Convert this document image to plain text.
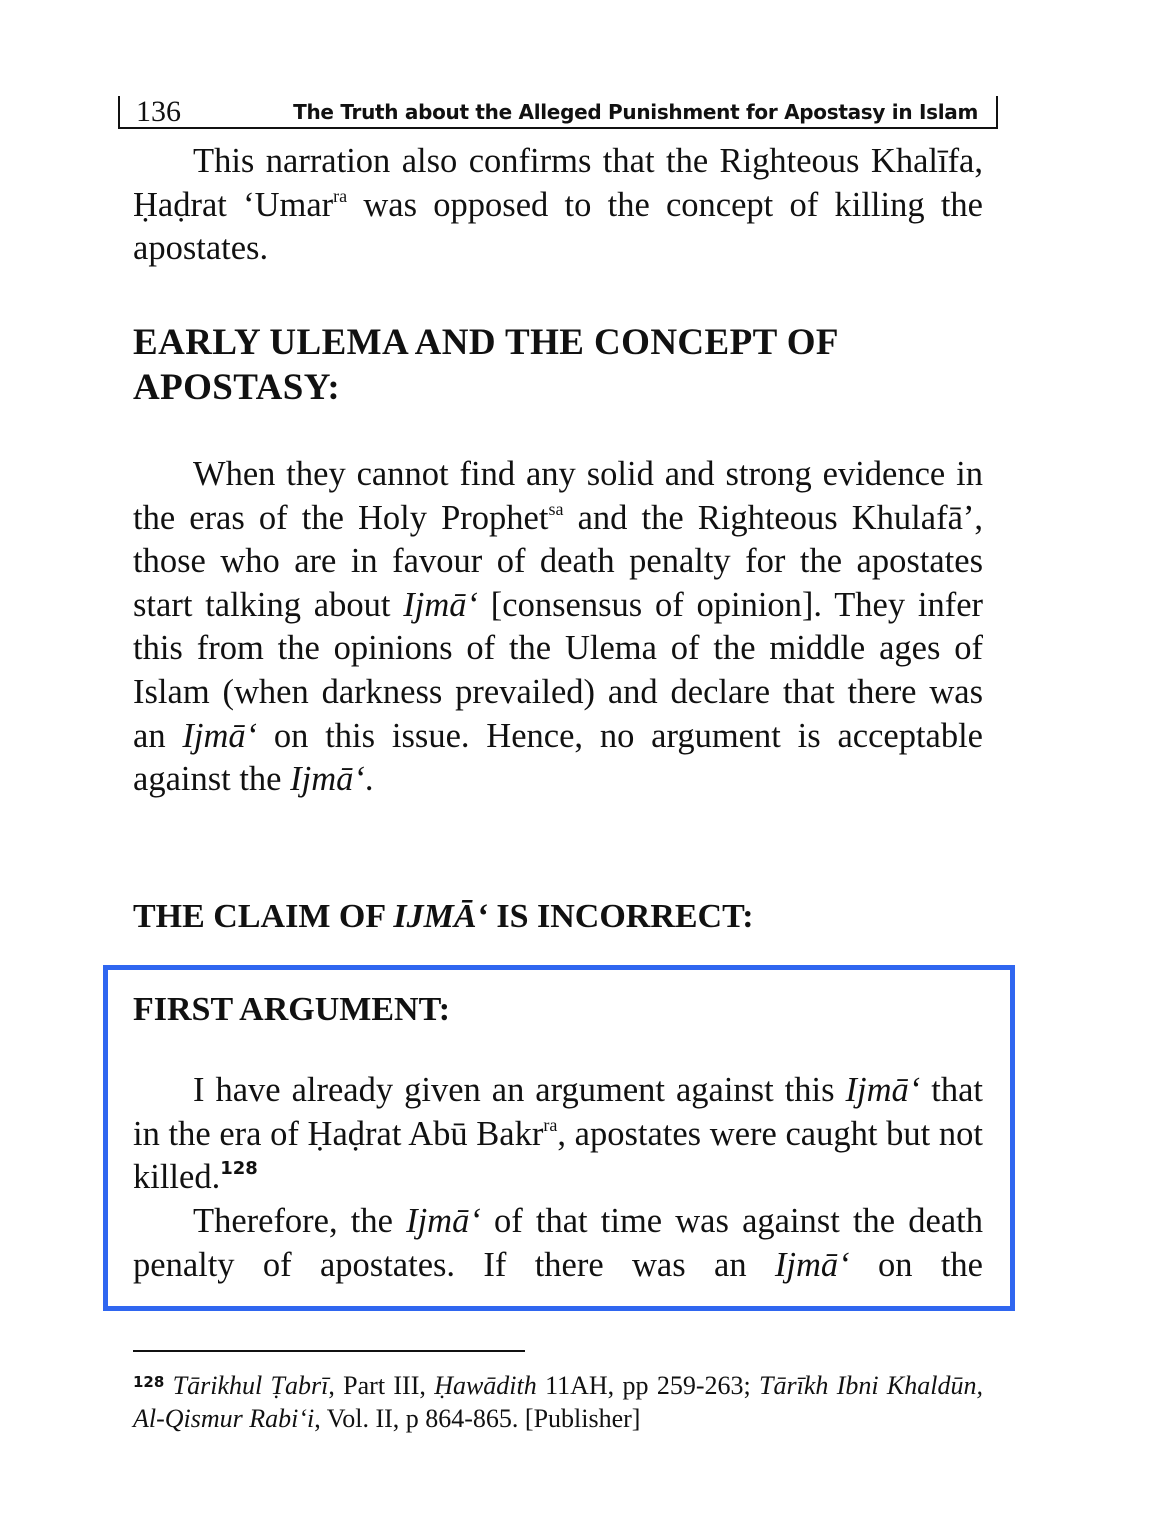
136	The Truth about the Alleged Punishment for Apostasy in Islam

This narration also confirms that the Righteous Khalīfa, Ḥaḍrat ‘Umar$^{ra}$ was opposed to the concept of killing the apostates.

EARLY ULEMA AND THE CONCEPT OF
APOSTASY:

When they cannot find any solid and strong evidence in the eras of the Holy Prophet$^{sa}$ and the Righteous Khulafā’, those who are in favour of death penalty for the apostates start talking about Ijmā‘ [consensus of opinion]. They infer this from the opinions of the Ulema of the middle ages of Islam (when darkness prevailed) and declare that there was an Ijmā‘ on this issue. Hence, no argument is acceptable against the Ijmā‘.

THE CLAIM OF IJMĀ‘ IS INCORRECT:
FIRST ARGUMENT:

I have already given an argument against this Ijmā‘ that in the era of Ḥaḍrat Abū Bakr$^{ra}$, apostates were caught but not killed.$^{128}$

Therefore, the Ijmā‘ of that time was against the death penalty of apostates. If there was an Ijmā‘ on the

$^{128}$ Tārikhul Ṭabrī, Part III, Ḥawādith 11AH, pp 259-263; Tārīkh Ibni Khaldūn, Al-Qismur Rabi‘i, Vol. II, p 864-865. [Publisher]
